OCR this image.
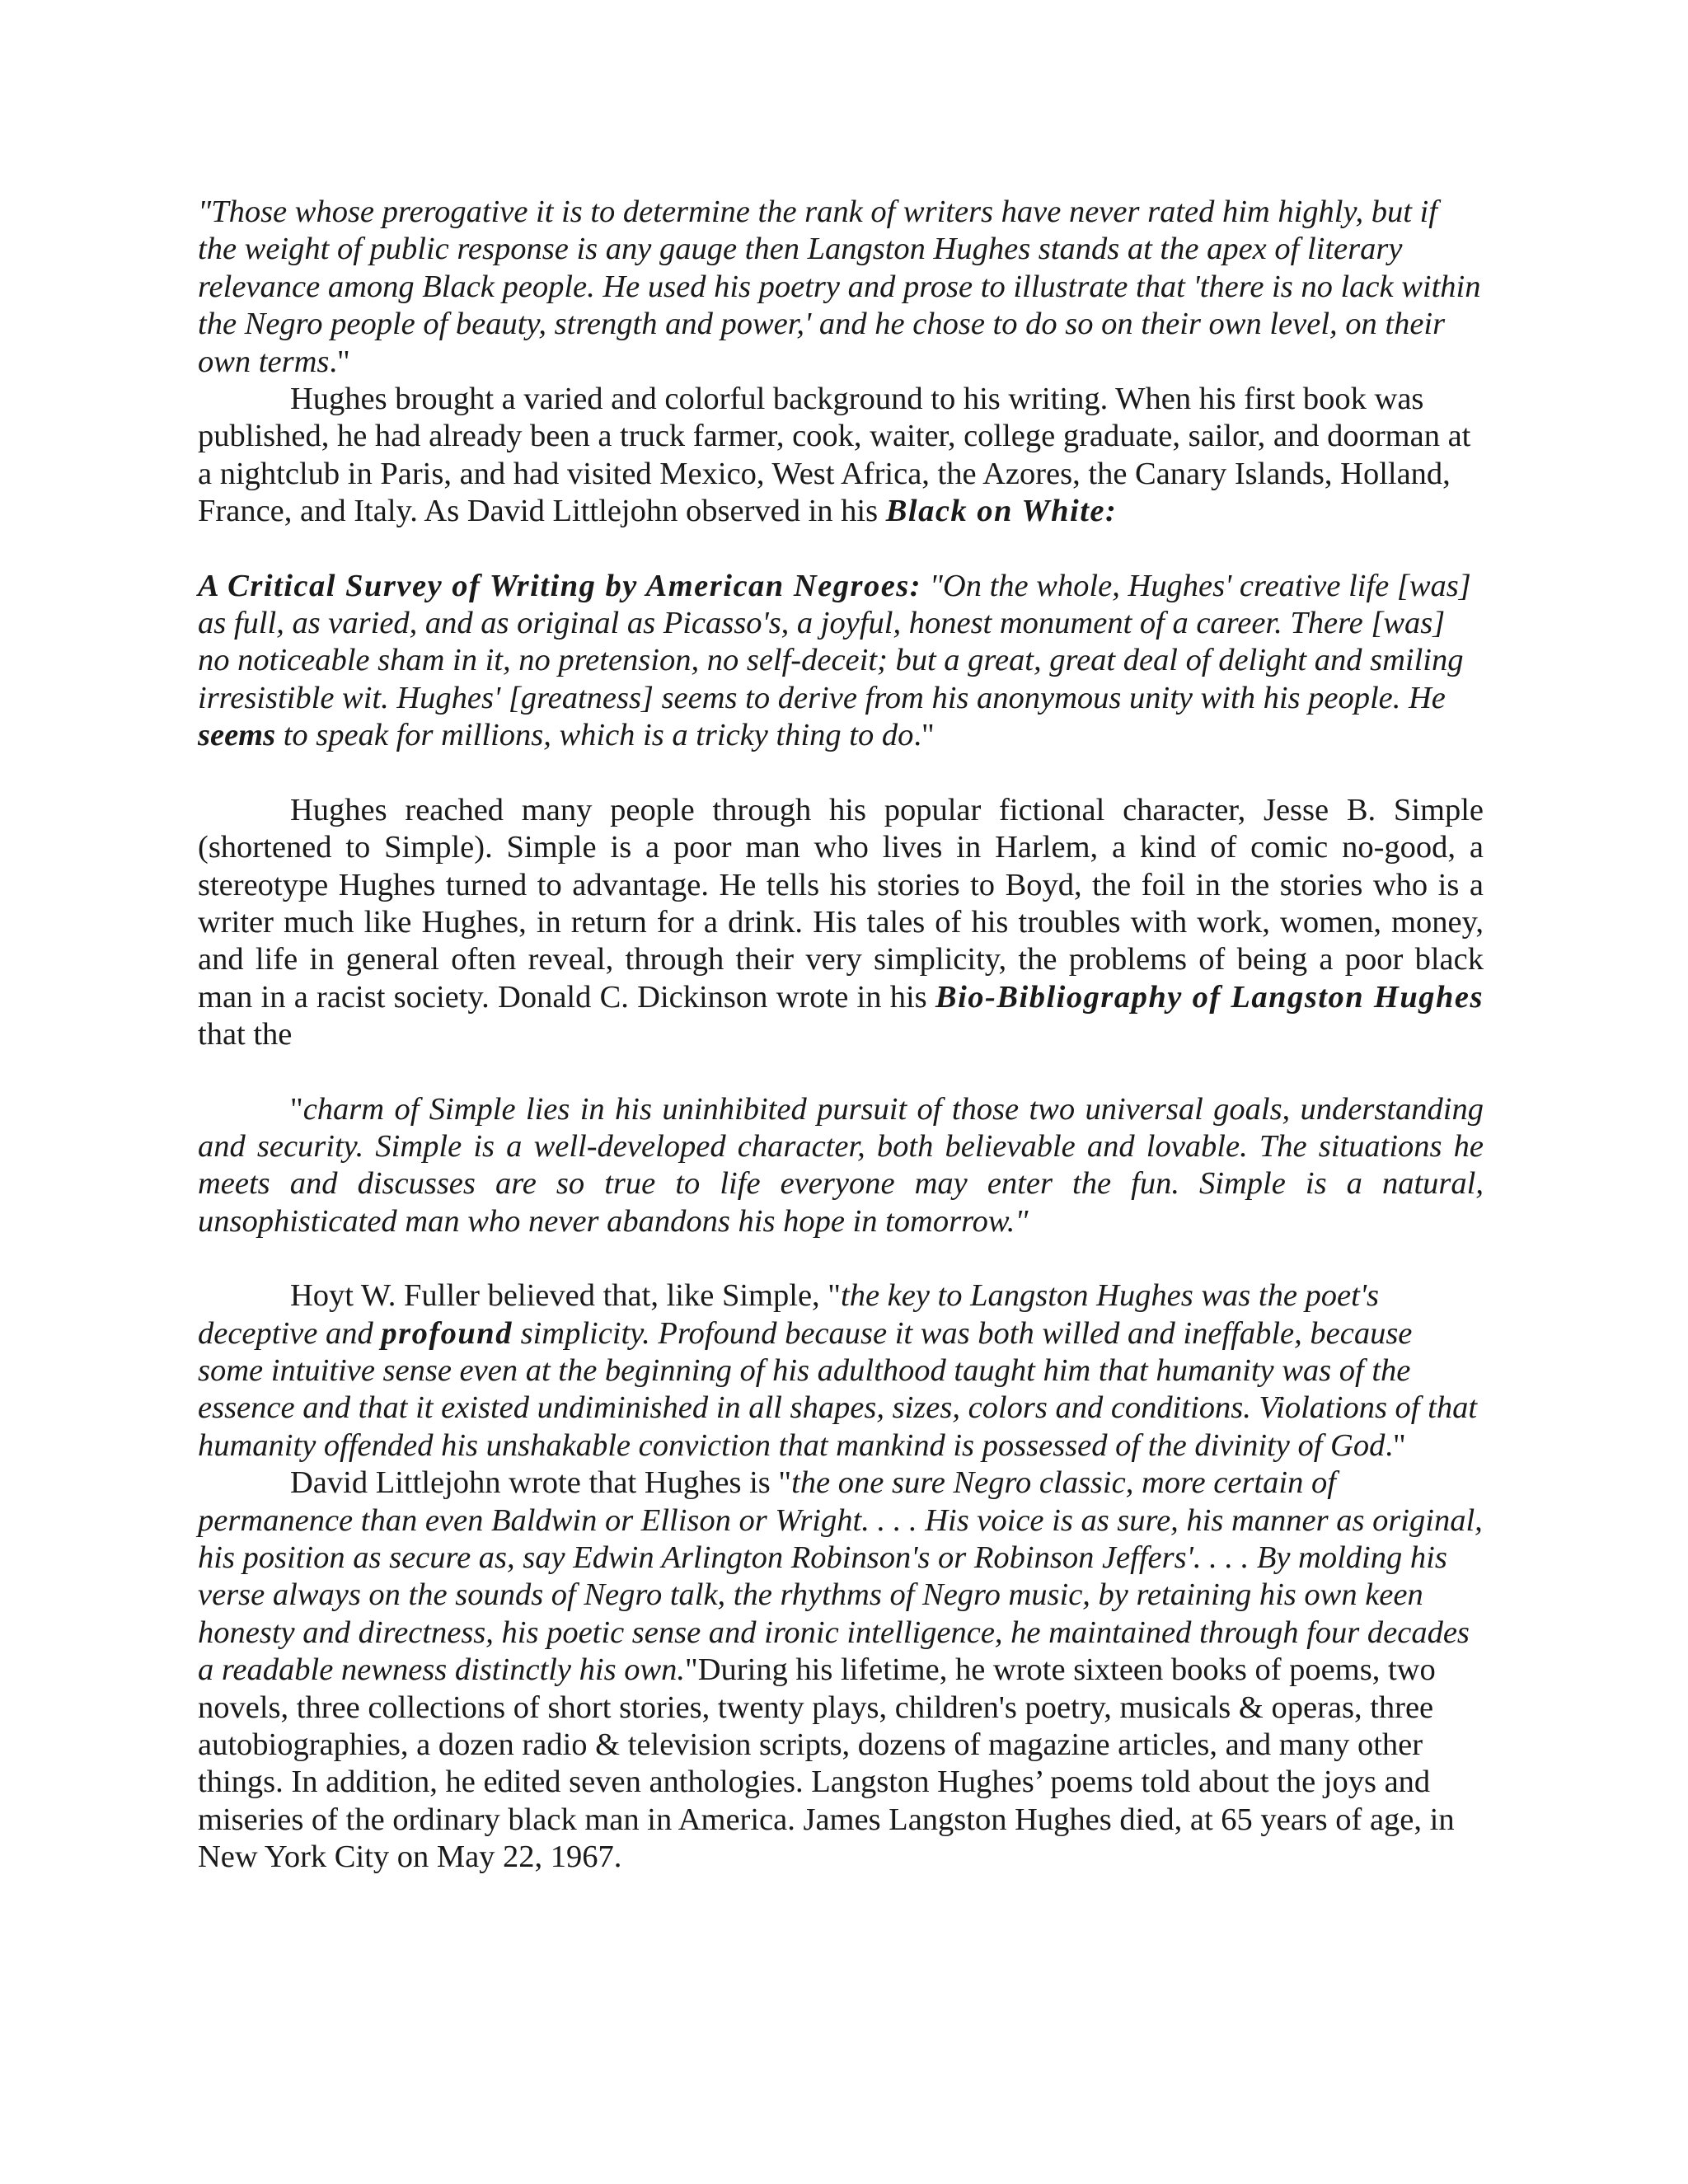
"Those whose prerogative it is to determine the rank of writers have never rated him highly, but if the weight of public response is any gauge then Langston Hughes stands at the apex of literary relevance among Black people. He used his poetry and prose to illustrate that 'there is no lack within the Negro people of beauty, strength and power,' and he chose to do so on their own level, on their own terms."

Hughes brought a varied and colorful background to his writing. When his first book was published, he had already been a truck farmer, cook, waiter, college graduate, sailor, and doorman at a nightclub in Paris, and had visited Mexico, West Africa, the Azores, the Canary Islands, Holland, France, and Italy. As David Littlejohn observed in his Black on White:

A Critical Survey of Writing by American Negroes: "On the whole, Hughes' creative life [was] as full, as varied, and as original as Picasso's, a joyful, honest monument of a career. There [was] no noticeable sham in it, no pretension, no self-deceit; but a great, great deal of delight and smiling irresistible wit. Hughes' [greatness] seems to derive from his anonymous unity with his people. He seems to speak for millions, which is a tricky thing to do."

Hughes reached many people through his popular fictional character, Jesse B. Simple (shortened to Simple). Simple is a poor man who lives in Harlem, a kind of comic no-good, a stereotype Hughes turned to advantage. He tells his stories to Boyd, the foil in the stories who is a writer much like Hughes, in return for a drink. His tales of his troubles with work, women, money, and life in general often reveal, through their very simplicity, the problems of being a poor black man in a racist society. Donald C. Dickinson wrote in his Bio-Bibliography of Langston Hughes that the

"charm of Simple lies in his uninhibited pursuit of those two universal goals, understanding and security. Simple is a well-developed character, both believable and lovable. The situations he meets and discusses are so true to life everyone may enter the fun. Simple is a natural, unsophisticated man who never abandons his hope in tomorrow."

Hoyt W. Fuller believed that, like Simple, "the key to Langston Hughes was the poet's deceptive and profound simplicity. Profound because it was both willed and ineffable, because some intuitive sense even at the beginning of his adulthood taught him that humanity was of the essence and that it existed undiminished in all shapes, sizes, colors and conditions. Violations of that humanity offended his unshakable conviction that mankind is possessed of the divinity of God."

David Littlejohn wrote that Hughes is "the one sure Negro classic, more certain of permanence than even Baldwin or Ellison or Wright. . . . His voice is as sure, his manner as original, his position as secure as, say Edwin Arlington Robinson's or Robinson Jeffers'. . . . By molding his verse always on the sounds of Negro talk, the rhythms of Negro music, by retaining his own keen honesty and directness, his poetic sense and ironic intelligence, he maintained through four decades a readable newness distinctly his own."During his lifetime, he wrote sixteen books of poems, two novels, three collections of short stories, twenty plays, children's poetry, musicals & operas, three autobiographies, a dozen radio & television scripts, dozens of magazine articles, and many other things. In addition, he edited seven anthologies. Langston Hughes’ poems told about the joys and miseries of the ordinary black man in America. James Langston Hughes died, at 65 years of age, in New York City on May 22, 1967.
